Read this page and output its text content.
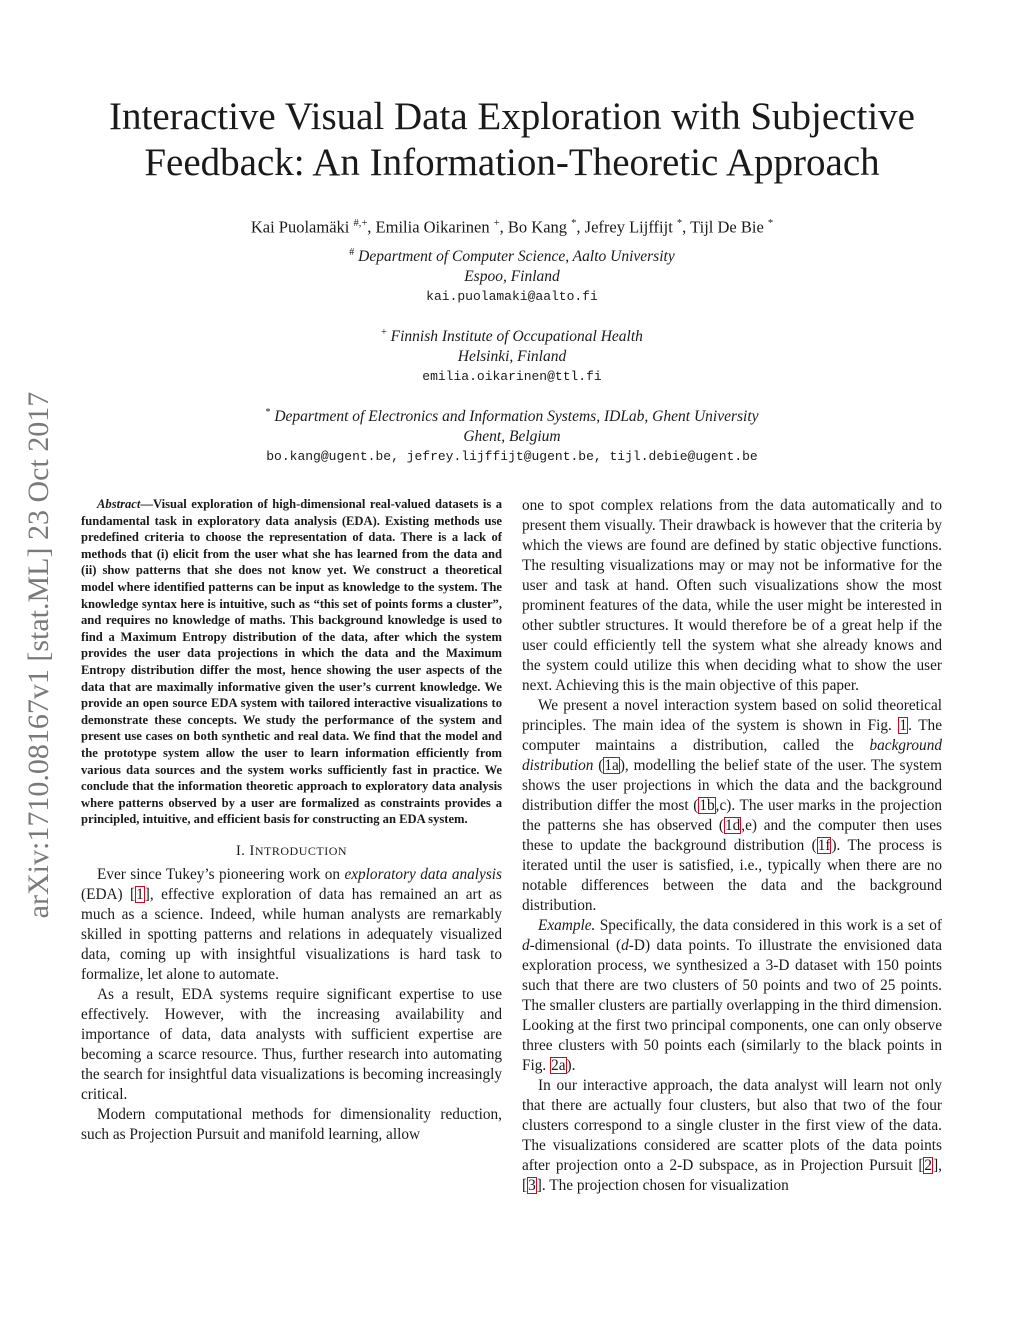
arXiv:1710.08167v1 [stat.ML] 23 Oct 2017
Interactive Visual Data Exploration with Subjective Feedback: An Information-Theoretic Approach
Kai Puolamäki #,+, Emilia Oikarinen +, Bo Kang *, Jefrey Lijffijt *, Tijl De Bie *
# Department of Computer Science, Aalto University
Espoo, Finland
kai.puolamaki@aalto.fi
+ Finnish Institute of Occupational Health
Helsinki, Finland
emilia.oikarinen@ttl.fi
* Department of Electronics and Information Systems, IDLab, Ghent University
Ghent, Belgium
bo.kang@ugent.be, jefrey.lijffijt@ugent.be, tijl.debie@ugent.be

Abstract—Visual exploration of high-dimensional real-valued datasets is a fundamental task in exploratory data analysis (EDA). Existing methods use predefined criteria to choose the representation of data. There is a lack of methods that (i) elicit from the user what she has learned from the data and (ii) show patterns that she does not know yet. We construct a theoretical model where identified patterns can be input as knowledge to the system. The knowledge syntax here is intuitive, such as “this set of points forms a cluster”, and requires no knowledge of maths. This background knowledge is used to find a Maximum Entropy distribution of the data, after which the system provides the user data projections in which the data and the Maximum Entropy distribution differ the most, hence showing the user aspects of the data that are maximally informative given the user’s current knowledge. We provide an open source EDA system with tailored interactive visualizations to demonstrate these concepts. We study the performance of the system and present use cases on both synthetic and real data. We find that the model and the prototype system allow the user to learn information efficiently from various data sources and the system works sufficiently fast in practice. We conclude that the information theoretic approach to exploratory data analysis where patterns observed by a user are formalized as constraints provides a principled, intuitive, and efficient basis for constructing an EDA system.

I. INTRODUCTION

Ever since Tukey’s pioneering work on exploratory data analysis (EDA) [1], effective exploration of data has remained an art as much as a science. Indeed, while human analysts are remarkably skilled in spotting patterns and relations in adequately visualized data, coming up with insightful visualizations is hard task to formalize, let alone to automate.

As a result, EDA systems require significant expertise to use effectively. However, with the increasing availability and importance of data, data analysts with sufficient expertise are becoming a scarce resource. Thus, further research into automating the search for insightful data visualizations is becoming increasingly critical.

Modern computational methods for dimensionality reduction, such as Projection Pursuit and manifold learning, allow

one to spot complex relations from the data automatically and to present them visually. Their drawback is however that the criteria by which the views are found are defined by static objective functions. The resulting visualizations may or may not be informative for the user and task at hand. Often such visualizations show the most prominent features of the data, while the user might be interested in other subtler structures. It would therefore be of a great help if the user could efficiently tell the system what she already knows and the system could utilize this when deciding what to show the user next. Achieving this is the main objective of this paper.

We present a novel interaction system based on solid theoretical principles. The main idea of the system is shown in Fig. 1. The computer maintains a distribution, called the background distribution (1a), modelling the belief state of the user. The system shows the user projections in which the data and the background distribution differ the most (1b,c). The user marks in the projection the patterns she has observed (1d,e) and the computer then uses these to update the background distribution (1f). The process is iterated until the user is satisfied, i.e., typically when there are no notable differences between the data and the background distribution.

Example. Specifically, the data considered in this work is a set of d-dimensional (d-D) data points. To illustrate the envisioned data exploration process, we synthesized a 3-D dataset with 150 points such that there are two clusters of 50 points and two of 25 points. The smaller clusters are partially overlapping in the third dimension. Looking at the first two principal components, one can only observe three clusters with 50 points each (similarly to the black points in Fig. 2a).

In our interactive approach, the data analyst will learn not only that there are actually four clusters, but also that two of the four clusters correspond to a single cluster in the first view of the data. The visualizations considered are scatter plots of the data points after projection onto a 2-D subspace, as in Projection Pursuit [2], [3]. The projection chosen for visualization
